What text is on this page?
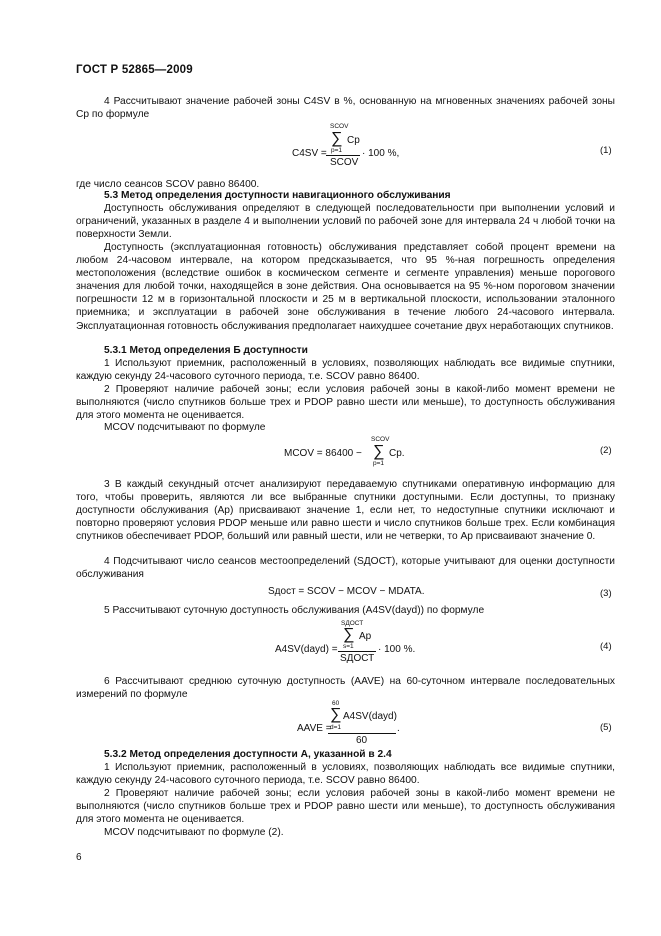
ГОСТ Р 52865—2009

4 Рассчитывают значение рабочей зоны C4SV в %, основанную на мгновенных значениях рабочей зоны Cp по формуле

C4SV =
SCOV
∑ Cp
p=1
SCOV
· 100 %,	(1)

где число сеансов SCOV равно 86400.

5.3 Метод определения доступности навигационного обслуживания

Доступность обслуживания определяют в следующей последовательности при выполнении условий и ограничений, указанных в разделе 4 и выполнении условий по рабочей зоне для интервала 24 ч любой точки на поверхности Земли.

Доступность (эксплуатационная готовность) обслуживания представляет собой процент времени на любом 24-часовом интервале, на котором предсказывается, что 95 %-ная погрешность определения местоположения (вследствие ошибок в космическом сегменте и сегменте управления) меньше порогового значения для любой точки, находящейся в зоне действия. Она основывается на 95 %-ном пороговом значении погрешности 12 м в горизонтальной плоскости и 25 м в вертикальной плоскости, использовании эталонного приемника; и эксплуатации в рабочей зоне обслуживания в течение любого 24-часового интервала. Эксплуатационная готовность обслуживания предполагает наихудшее сочетание двух неработающих спутников.

5.3.1 Метод определения Б доступности

1 Используют приемник, расположенный в условиях, позволяющих наблюдать все видимые спутники, каждую секунду 24-часового суточного периода, т.е. SCOV равно 86400.

2 Проверяют наличие рабочей зоны; если условия рабочей зоны в какой-либо момент времени не выполняются (число спутников больше трех и PDOP равно шести или меньше), то доступность обслуживания для этого момента не оценивается.

MCOV подсчитывают по формуле

MCOV = 86400 −
SCOV
∑
p=1
Cp.	(2)

3 В каждый секундный отсчет анализируют передаваемую спутниками оперативную информацию для того, чтобы проверить, являются ли все выбранные спутники доступными. Если доступны, то признаку доступности обслуживания (Ap) присваивают значение 1, если нет, то недоступные спутники исключают и повторно проверяют условия PDOP меньше или равно шести и число спутников больше трех. Если комбинация спутников обеспечивает PDOP, больший или равный шести, или не четверки, то Ap присваивают значение 0.

4 Подсчитывают число сеансов местоопределений (SДОСТ), которые учитывают для оценки доступности обслуживания

Sдост = SCOV − MCOV − MDATA.	(3)

5 Рассчитывают суточную доступность обслуживания (A4SV(dayd)) по формуле

A4SV(dayd) =
SДОСТ
∑ Ap
s=1
SДОСТ
· 100 %.	(4)

6 Рассчитывают среднюю суточную доступность (AAVE) на 60-суточном интервале последовательных измерений по формуле

AAVE =
60
∑ A4SV(dayd)
d=1
60
.	(5)
5.3.2 Метод определения доступности А, указанной в 2.4

1 Используют приемник, расположенный в условиях, позволяющих наблюдать все видимые спутники, каждую секунду 24-часового суточного периода, т.е. SCOV равно 86400.

2 Проверяют наличие рабочей зоны; если условия рабочей зоны в какой-либо момент времени не выполняются (число спутников больше трех и PDOP равно шести или меньше), то доступность обслуживания для этого момента не оценивается.

MCOV подсчитывают по формуле (2).

6
